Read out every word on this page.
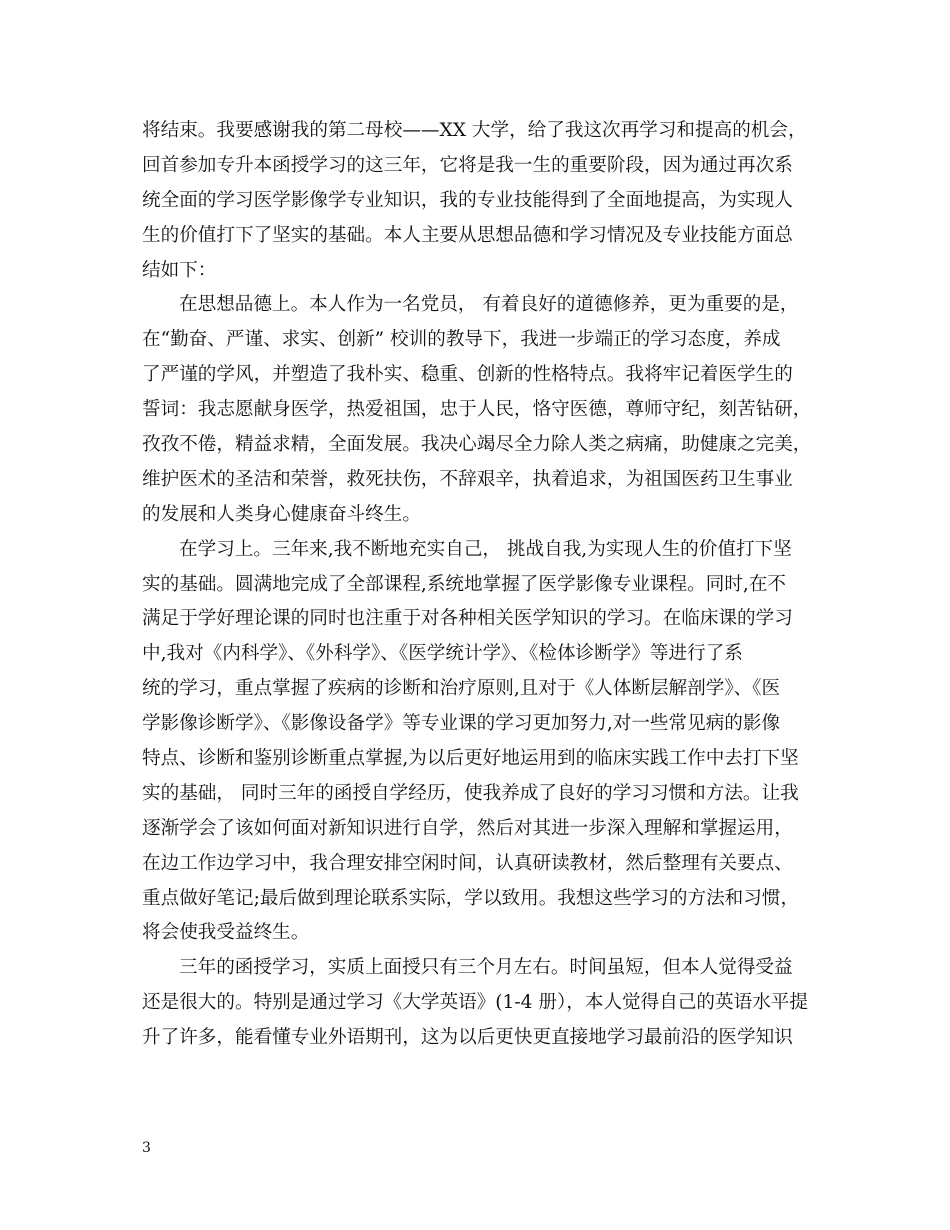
将结束。我要感谢我的第二母校——XX 大学，给了我这次再学习和提高的机会，
回首参加专升本函授学习的这三年，它将是我一生的重要阶段，因为通过再次系
统全面的学习医学影像学专业知识，我的专业技能得到了全面地提高，为实现人
生的价值打下了坚实的基础。本人主要从思想品德和学习情况及专业技能方面总
结如下：
在思想品德上。本人作为一名党员， 有着良好的道德修养，更为重要的是，
在“勤奋、严谨、求实、创新” 校训的教导下，我进一步端正的学习态度，养成
了严谨的学风，并塑造了我朴实、稳重、创新的性格特点。我将牢记着医学生的
誓词：我志愿献身医学，热爱祖国，忠于人民，恪守医德，尊师守纪，刻苦钻研，
孜孜不倦，精益求精，全面发展。我决心竭尽全力除人类之病痛，助健康之完美，
维护医术的圣洁和荣誉，救死扶伤，不辞艰辛，执着追求，为祖国医药卫生事业
的发展和人类身心健康奋斗终生。
在学习上。三年来,我不断地充实自己， 挑战自我,为实现人生的价值打下坚
实的基础。圆满地完成了全部课程,系统地掌握了医学影像专业课程。同时,在不
满足于学好理论课的同时也注重于对各种相关医学知识的学习。在临床课的学习
中,我对《内科学》、《外科学》、《医学统计学》、《检体诊断学》等进行了系
统的学习，重点掌握了疾病的诊断和治疗原则,且对于《人体断层解剖学》、《医
学影像诊断学》、《影像设备学》等专业课的学习更加努力,对一些常见病的影像
特点、诊断和鉴别诊断重点掌握,为以后更好地运用到的临床实践工作中去打下坚
实的基础， 同时三年的函授自学经历，使我养成了良好的学习习惯和方法。让我
逐渐学会了该如何面对新知识进行自学，然后对其进一步深入理解和掌握运用，
在边工作边学习中，我合理安排空闲时间，认真研读教材，然后整理有关要点、
重点做好笔记;最后做到理论联系实际，学以致用。我想这些学习的方法和习惯，
将会使我受益终生。
三年的函授学习，实质上面授只有三个月左右。时间虽短，但本人觉得受益
还是很大的。特别是通过学习《大学英语》(1-4 册），本人觉得自己的英语水平提
升了许多，能看懂专业外语期刊，这为以后更快更直接地学习最前沿的医学知识
3
